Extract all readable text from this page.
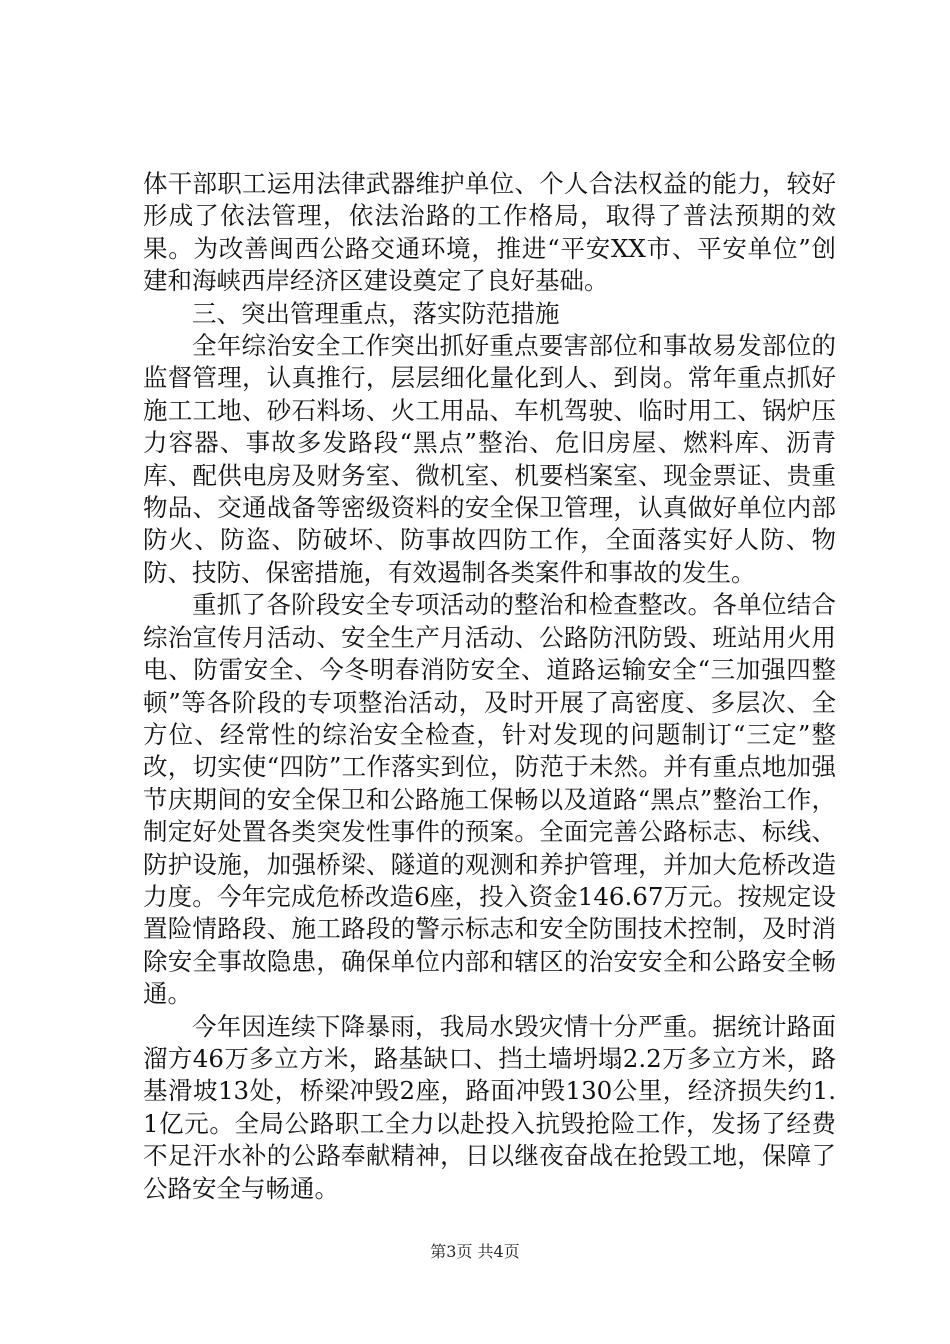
体干部职工运用法律武器维护单位、个人合法权益的能力，较好形成了依法管理，依法治路的工作格局，取得了普法预期的效果。为改善闽西公路交通环境，推进“平安XX市、平安单位”创建和海峡西岸经济区建设奠定了良好基础。

三、突出管理重点，落实防范措施

全年综治安全工作突出抓好重点要害部位和事故易发部位的监督管理，认真推行，层层细化量化到人、到岗。常年重点抓好施工工地、砂石料场、火工用品、车机驾驶、临时用工、锅炉压力容器、事故多发路段“黑点”整治、危旧房屋、燃料库、沥青库、配供电房及财务室、微机室、机要档案室、现金票证、贵重物品、交通战备等密级资料的安全保卫管理，认真做好单位内部防火、防盗、防破坏、防事故四防工作，全面落实好人防、物防、技防、保密措施，有效遏制各类案件和事故的发生。

重抓了各阶段安全专项活动的整治和检查整改。各单位结合综治宣传月活动、安全生产月活动、公路防汛防毁、班站用火用电、防雷安全、今冬明春消防安全、道路运输安全“三加强四整顿”等各阶段的专项整治活动，及时开展了高密度、多层次、全方位、经常性的综治安全检查，针对发现的问题制订“三定”整改，切实使“四防”工作落实到位，防范于未然。并有重点地加强节庆期间的安全保卫和公路施工保畅以及道路“黑点”整治工作，制定好处置各类突发性事件的预案。全面完善公路标志、标线、防护设施，加强桥梁、隧道的观测和养护管理，并加大危桥改造力度。今年完成危桥改造6座，投入资金146.67万元。按规定设置险情路段、施工路段的警示标志和安全防围技术控制，及时消除安全事故隐患，确保单位内部和辖区的治安安全和公路安全畅通。

今年因连续下降暴雨，我局水毁灾情十分严重。据统计路面溜方46万多立方米，路基缺口、挡土墙坍塌2.2万多立方米，路基滑坡13处，桥梁冲毁2座，路面冲毁130公里，经济损失约1.1亿元。全局公路职工全力以赴投入抗毁抢险工作，发扬了经费不足汗水补的公路奉献精神，日以继夜奋战在抢毁工地，保障了公路安全与畅通。

第3页 共4页
